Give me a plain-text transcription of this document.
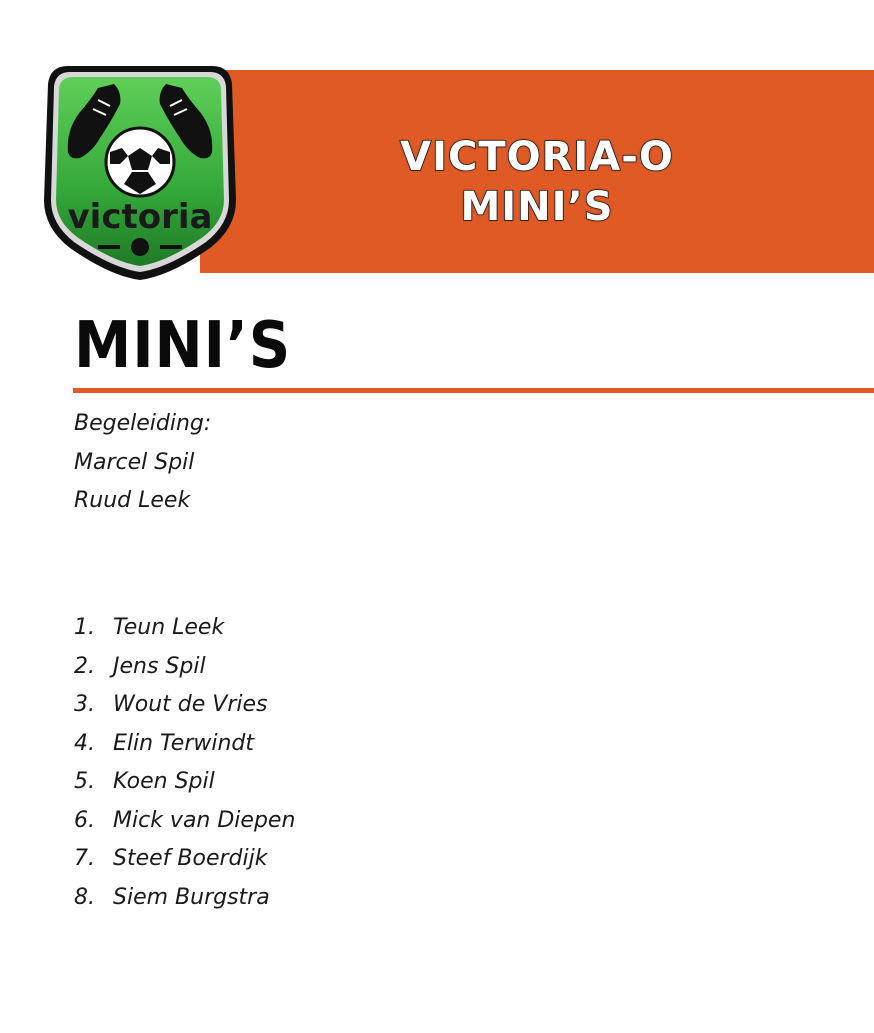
VICTORIA-O
MINI’S
victoria
MINI’S
Begeleiding:
Marcel Spil
Ruud Leek
1. Teun Leek
2. Jens Spil
3. Wout de Vries
4. Elin Terwindt
5. Koen Spil
6. Mick van Diepen
7. Steef Boerdijk
8. Siem Burgstra
